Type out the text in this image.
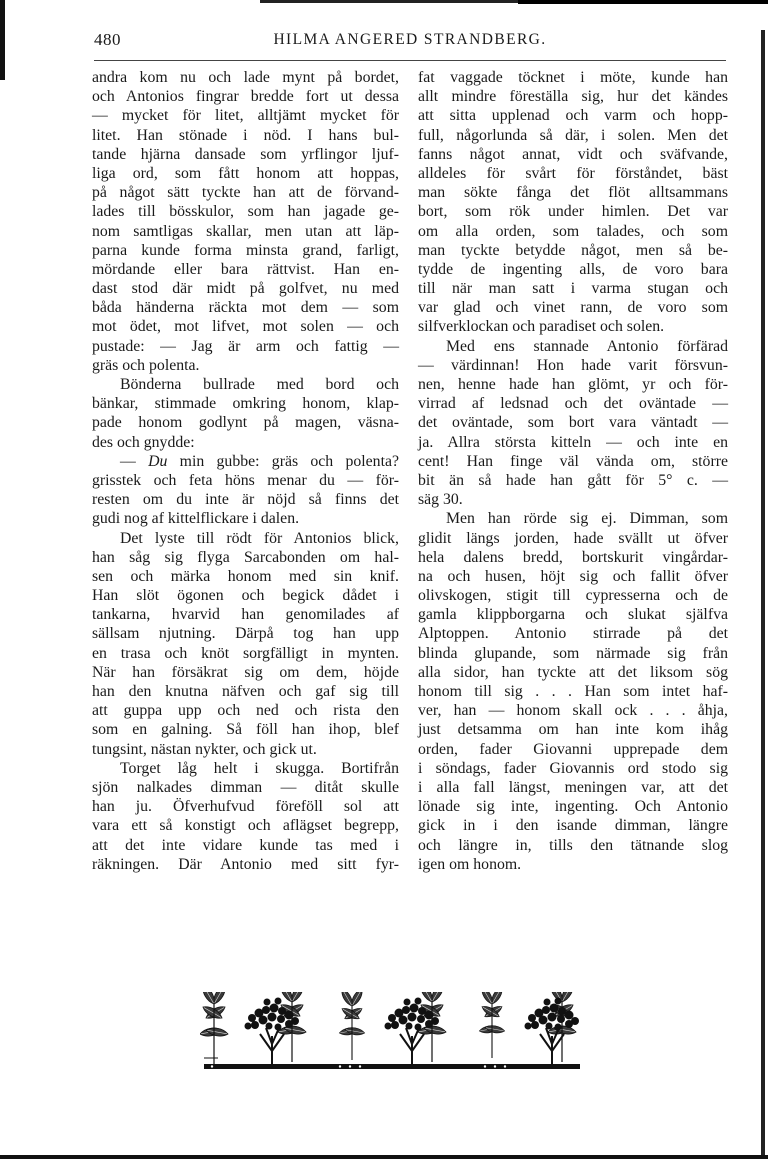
480	HILMA ANGERED STRANDBERG.
andra kom nu och lade mynt på bordet,
och Antonios fingrar bredde fort ut dessa
— mycket för litet, alltjämt mycket för
litet. Han stönade i nöd. I hans bul-
tande hjärna dansade som yrflingor ljuf-
liga ord, som fått honom att hoppas,
på något sätt tyckte han att de förvand-
lades till bösskulor, som han jagade ge-
nom samtligas skallar, men utan att läp-
parna kunde forma minsta grand, farligt,
mördande eller bara rättvist. Han en-
dast stod där midt på golfvet, nu med
båda händerna räckta mot dem — som
mot ödet, mot lifvet, mot solen — och
pustade: — Jag är arm och fattig —
gräs och polenta.
Bönderna bullrade med bord och
bänkar, stimmade omkring honom, klap-
pade honom godlynt på magen, väsna-
des och gnydde:
— Du min gubbe: gräs och polenta?
grisstek och feta höns menar du — för-
resten om du inte är nöjd så finns det
gudi nog af kittelflickare i dalen.
Det lyste till rödt för Antonios blick,
han såg sig flyga Sarcabonden om hal-
sen och märka honom med sin knif.
Han slöt ögonen och begick dådet i
tankarna, hvarvid han genomilades af
sällsam njutning. Därpå tog han upp
en trasa och knöt sorgfälligt in mynten.
När han försäkrat sig om dem, höjde
han den knutna näfven och gaf sig till
att guppa upp och ned och rista den
som en galning. Så föll han ihop, blef
tungsint, nästan nykter, och gick ut.
Torget låg helt i skugga. Bortifrån
sjön nalkades dimman — ditåt skulle
han ju. Öfverhufvud föreföll sol att
vara ett så konstigt och aflägset begrepp,
att det inte vidare kunde tas med i
räkningen. Där Antonio med sitt fyr-
fat vaggade töcknet i möte, kunde han
allt mindre föreställa sig, hur det kändes
att sitta upplenad och varm och hopp-
full, någorlunda så där, i solen. Men det
fanns något annat, vidt och sväfvande,
alldeles för svårt för förståndet, bäst
man sökte fånga det flöt alltsammans
bort, som rök under himlen. Det var
om alla orden, som talades, och som
man tyckte betydde något, men så be-
tydde de ingenting alls, de voro bara
till när man satt i varma stugan och
var glad och vinet rann, de voro som
silfverklockan och paradiset och solen.
Med ens stannade Antonio förfärad
— värdinnan! Hon hade varit försvun-
nen, henne hade han glömt, yr och för-
virrad af ledsnad och det oväntade —
det oväntade, som bort vara väntadt —
ja. Allra största kitteln — och inte en
cent! Han finge väl vända om, större
bit än så hade han gått för 5° c. —
säg 30.
Men han rörde sig ej. Dimman, som
glidit längs jorden, hade svällt ut öfver
hela dalens bredd, bortskurit vingårdar-
na och husen, höjt sig och fallit öfver
olivskogen, stigit till cypresserna och de
gamla klippborgarna och slukat själfva
Alptoppen. Antonio stirrade på det
blinda glupande, som närmade sig från
alla sidor, han tyckte att det liksom sög
honom till sig . . . Han som intet haf-
ver, han — honom skall ock . . . åhja,
just detsamma om han inte kom ihåg
orden, fader Giovanni upprepade dem
i söndags, fader Giovannis ord stodo sig
i alla fall längst, meningen var, att det
lönade sig inte, ingenting. Och Antonio
gick in i den isande dimman, längre
och längre in, tills den tätnande slog
igen om honom.
